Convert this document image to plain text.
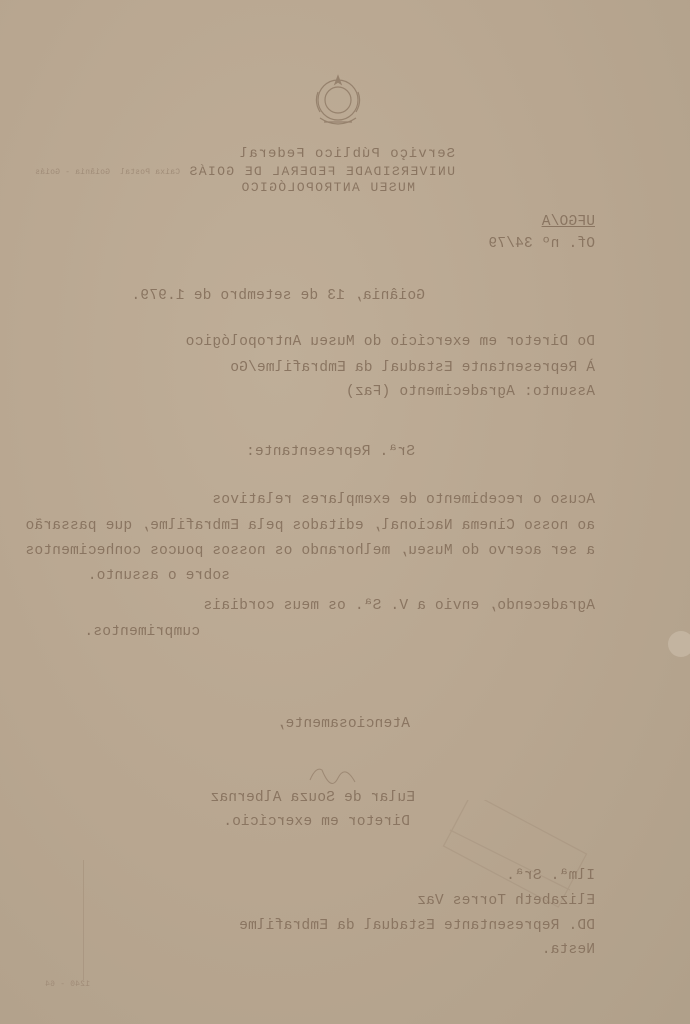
Serviço Público Federal
UNIVERSIDADE FEDERAL DE GOIÁS
MUSEU ANTROPOLÓGICO
Goiânia - Goiás Caixa Postal
UFGO/A
Of. nº 34/79
Goiânia, 13 de setembro de 1.979.
Do Diretor em exercício do Museu Antropológico
À Representante Estadual da Embrafilme/Go
Assunto: Agradecimento (Faz)
Srª. Representante:
Acuso o recebimento de exemplares relativos
ao nosso Cinema Nacional, editados pela Embrafilme, que passarão
a ser acervo do Museu, melhorando os nossos poucos conhecimentos
sobre o assunto.
Agradecendo, envio a V. Sª. os meus cordiais
cumprimentos.
Atenciosamente,
Eular de Souza Albernaz
Diretor em exercício.
Ilmª. Srª.
Elizabeth Torres Vaz
DD. Representante Estadual da Embrafilme
Nesta.
1240 - 64
